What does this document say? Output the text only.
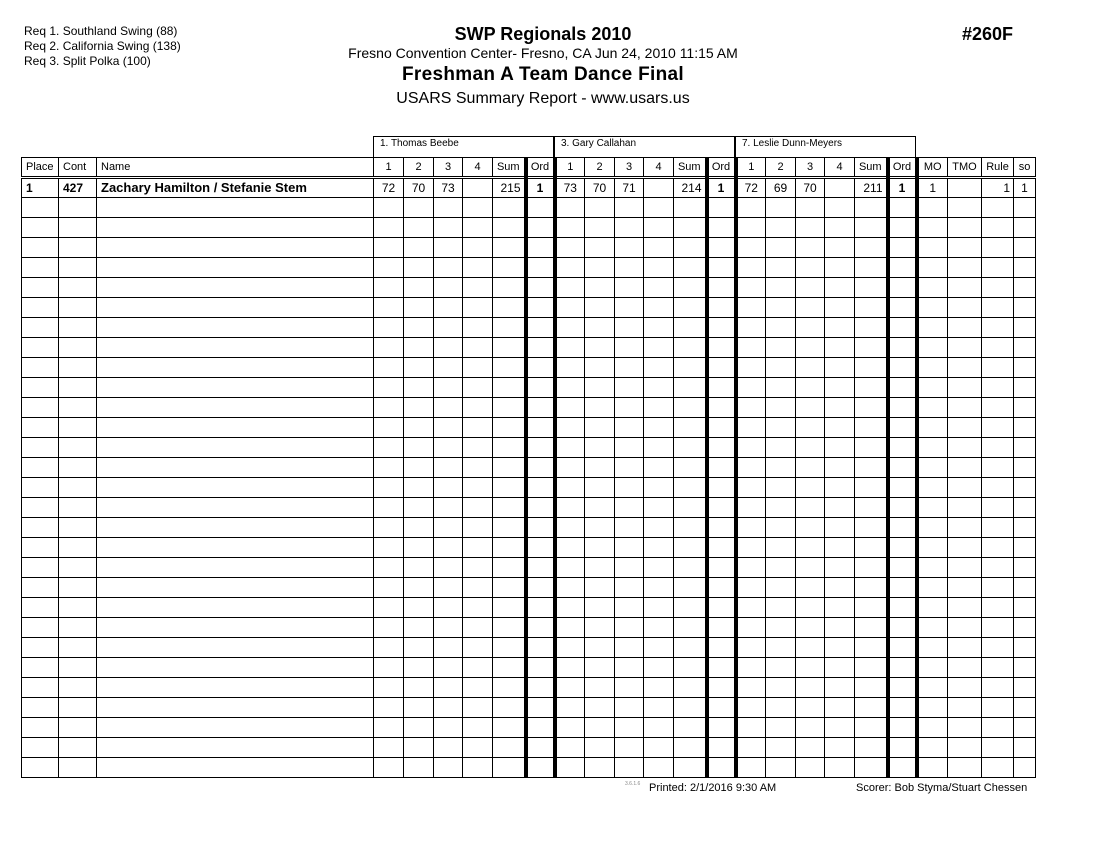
Req 1. Southland Swing (88)
Req 2. California Swing (138)
Req 3. Split Polka (100)
SWP Regionals 2010
Fresno Convention Center- Fresno, CA Jun 24, 2010 11:15 AM
Freshman A Team Dance Final
USARS Summary Report - www.usars.us
#260F
1. Thomas Beebe	3. Gary Callahan	7. Leslie Dunn-Meyers
Place	Cont	Name	1	2	3	4	Sum	Ord	1	2	3	4	Sum	Ord	1	2	3	4	Sum	Ord	MO	TMO	Rule	so
1	427	Zachary Hamilton / Stefanie Stem	72	70	73		215	1	73	70	71		214	1	72	69	70		211	1	1		1	1

3.6.1.6 Printed: 2/1/2016 9:30 AM	Scorer: Bob Styma/Stuart Chessen
